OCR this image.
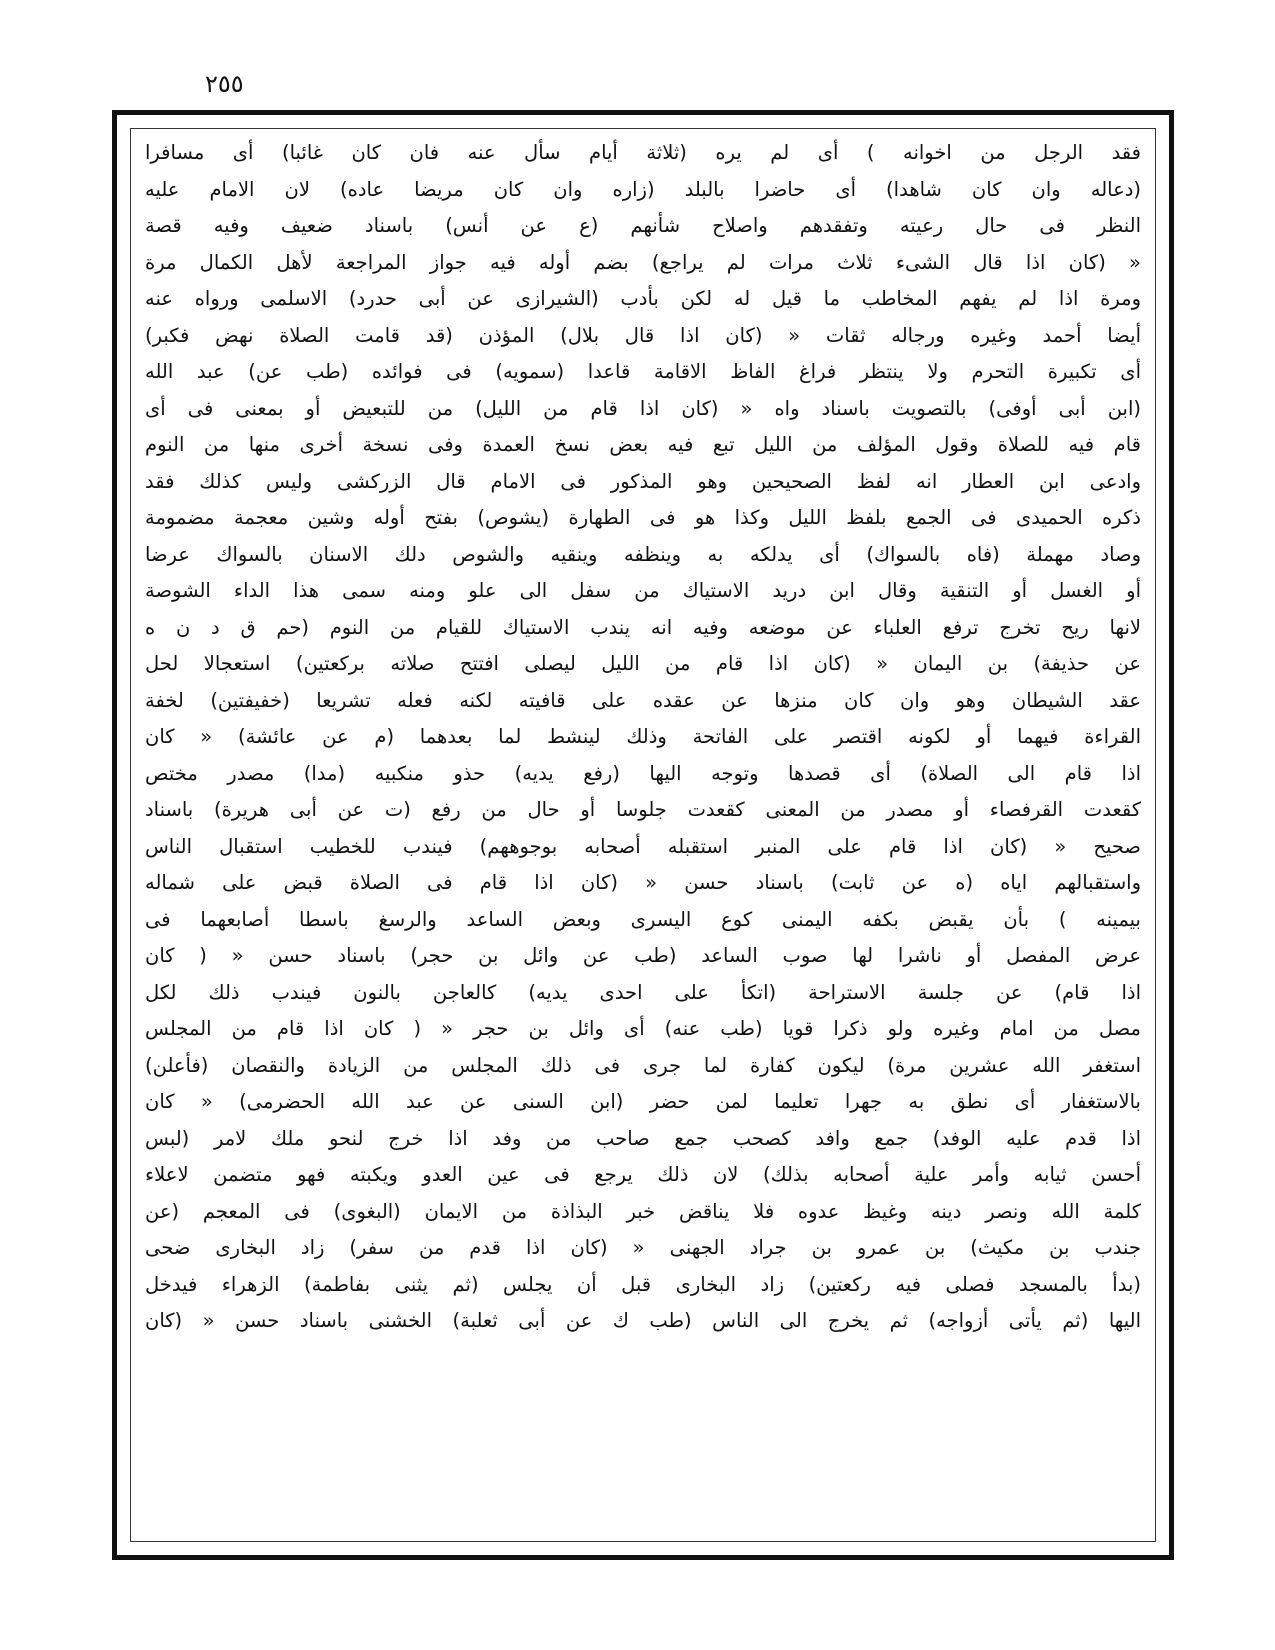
٢٥٥
فقد الرجل من اخوانه ) أى لم يره (ثلاثة أيام سأل عنه فان كان غائبا) أى مسافرا
(دعاله وان كان شاهدا) أى حاضرا بالبلد (زاره وان كان مريضا عاده) لان الامام عليه
النظر فى حال رعيته وتفقدهم واصلاح شأنهم (ع عن أنس) باسناد ضعيف وفيه قصة
« (كان اذا قال الشىء ثلاث مرات لم يراجع) بضم أوله فيه جواز المراجعة لأهل الكمال مرة
ومرة اذا لم يفهم المخاطب ما قيل له لكن بأدب (الشيرازى عن أبى حدرد) الاسلمى ورواه عنه
أيضا أحمد وغيره ورجاله ثقات « (كان اذا قال بلال) المؤذن (قد قامت الصلاة نهض فكبر)
أى تكبيرة التحرم ولا ينتظر فراغ الفاظ الاقامة قاعدا (سمويه) فى فوائده (طب عن) عبد الله
(ابن أبى أوفى) بالتصويت باسناد واه « (كان اذا قام من الليل) من للتبعيض أو بمعنى فى أى
قام فيه للصلاة وقول المؤلف من الليل تبع فيه بعض نسخ العمدة وفى نسخة أخرى منها من النوم
وادعى ابن العطار انه لفظ الصحيحين وهو المذكور فى الامام قال الزركشى وليس كذلك فقد
ذكره الحميدى فى الجمع بلفظ الليل وكذا هو فى الطهارة (يشوص) بفتح أوله وشين معجمة مضمومة
وصاد مهملة (فاه بالسواك) أى يدلكه به وينظفه وينقيه والشوص دلك الاسنان بالسواك عرضا
أو الغسل أو التنقية وقال ابن دريد الاستياك من سفل الى علو ومنه سمى هذا الداء الشوصة
لانها ريح تخرج ترفع العلباء عن موضعه وفيه انه يندب الاستياك للقيام من النوم (حم ق د ن ه
عن حذيفة) بن اليمان « (كان اذا قام من الليل ليصلى افتتح صلاته بركعتين) استعجالا لحل
عقد الشيطان وهو وان كان منزها عن عقده على قافيته لكنه فعله تشريعا (خفيفتين) لخفة
القراءة فيهما أو لكونه اقتصر على الفاتحة وذلك لينشط لما بعدهما (م عن عائشة) « كان
اذا قام الى الصلاة) أى قصدها وتوجه اليها (رفع يديه) حذو منكبيه (مدا) مصدر مختص
كقعدت القرفصاء أو مصدر من المعنى كقعدت جلوسا أو حال من رفع (ت عن أبى هريرة) باسناد
صحيح « (كان اذا قام على المنبر استقبله أصحابه بوجوههم) فيندب للخطيب استقبال الناس
واستقبالهم اياه (ه عن ثابت) باسناد حسن « (كان اذا قام فى الصلاة قبض على شماله
بيمينه ) بأن يقبض بكفه اليمنى كوع اليسرى وبعض الساعد والرسغ باسطا أصابعهما فى
عرض المفصل أو ناشرا لها صوب الساعد (طب عن وائل بن حجر) باسناد حسن « ( كان
اذا قام) عن جلسة الاستراحة (اتكأ على احدى يديه) كالعاجن بالنون فيندب ذلك لكل
مصل من امام وغيره ولو ذكرا قويا (طب عنه) أى وائل بن حجر « ( كان اذا قام من المجلس
استغفر الله عشرين مرة) ليكون كفارة لما جرى فى ذلك المجلس من الزيادة والنقصان (فأعلن)
بالاستغفار أى نطق به جهرا تعليما لمن حضر (ابن السنى عن عبد الله الحضرمى) « كان
اذا قدم عليه الوفد) جمع وافد كصحب جمع صاحب من وفد اذا خرج لنحو ملك لامر (لبس
أحسن ثيابه وأمر علية أصحابه بذلك) لان ذلك يرجع فى عين العدو ويكبته فهو متضمن لاعلاء
كلمة الله ونصر دينه وغيظ عدوه فلا يناقض خبر البذاذة من الايمان (البغوى) فى المعجم (عن
جندب بن مكيث) بن عمرو بن جراد الجهنى « (كان اذا قدم من سفر) زاد البخارى ضحى
(بدأ بالمسجد فصلى فيه ركعتين) زاد البخارى قبل أن يجلس (ثم يثنى بفاطمة) الزهراء فيدخل
اليها (ثم يأتى أزواجه) ثم يخرج الى الناس (طب ك عن أبى ثعلبة) الخشنى باسناد حسن « (كان
